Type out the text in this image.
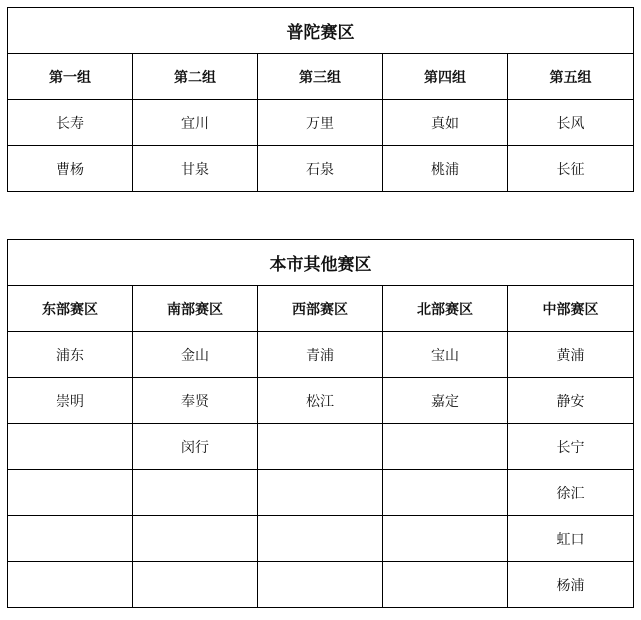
普陀赛区				
第一组	第二组	第三组	第四组	第五组
长寿	宜川	万里	真如	长风
曹杨	甘泉	石泉	桃浦	长征
本市其他赛区				
东部赛区	南部赛区	西部赛区	北部赛区	中部赛区
浦东	金山	青浦	宝山	黄浦
崇明	奉贤	松江	嘉定	静安
	闵行			长宁
				徐汇
				虹口
				杨浦
